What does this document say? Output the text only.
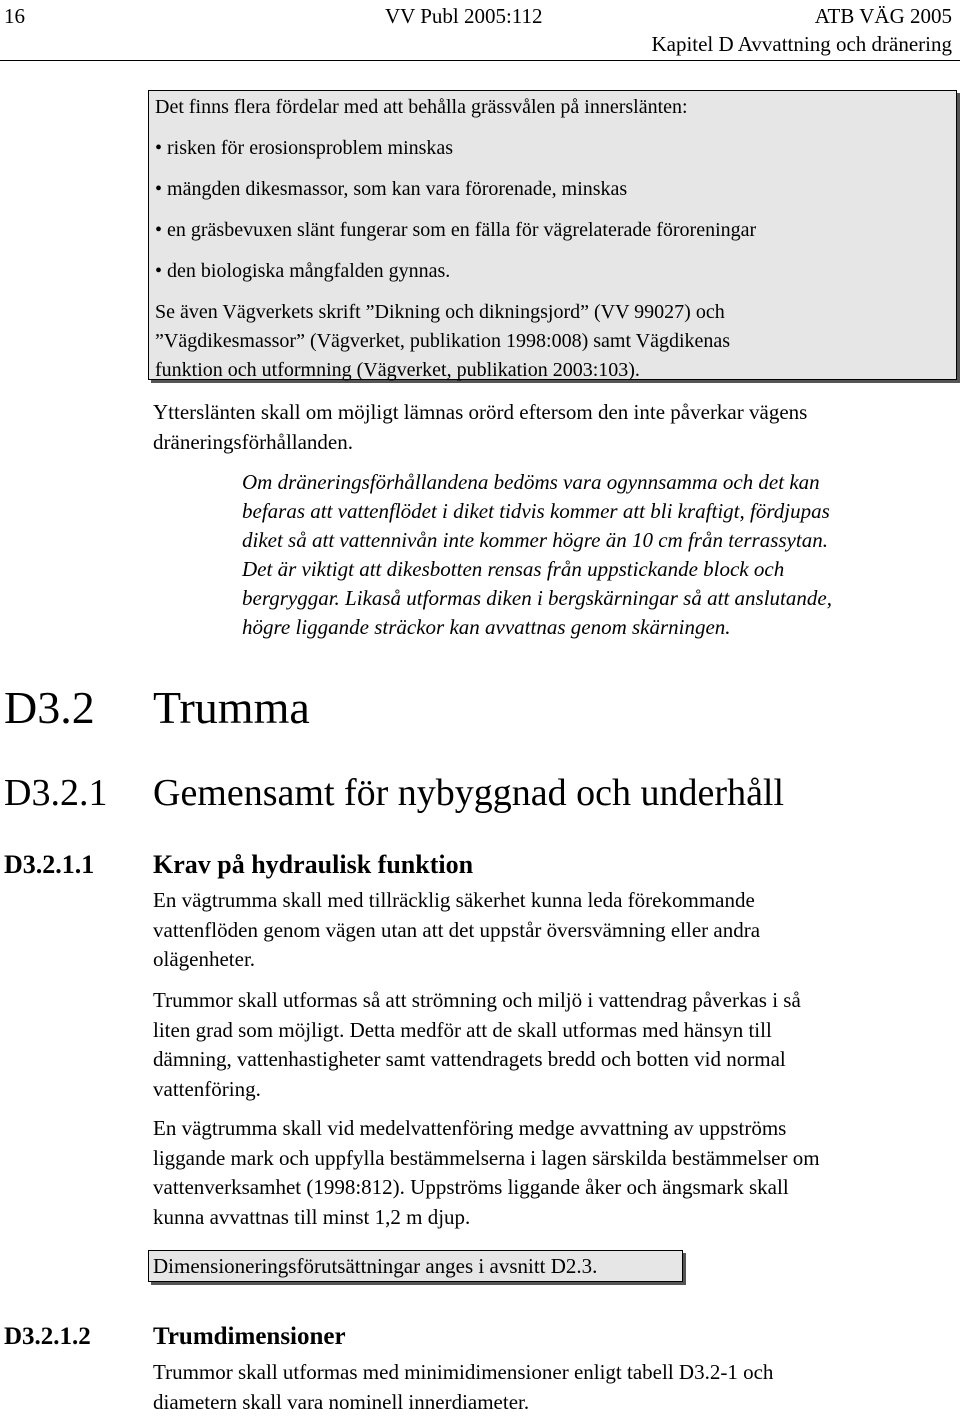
16	VV Publ 2005:112	ATB VÄG 2005
Kapitel D Avvattning och dränering
Det finns flera fördelar med att behålla grässvålen på innerslänten:
• risken för erosionsproblem minskas
• mängden dikesmassor, som kan vara förorenade, minskas
• en gräsbevuxen slänt fungerar som en fälla för vägrelaterade föroreningar
• den biologiska mångfalden gynnas.
Se även Vägverkets skrift ”Dikning och dikningsjord” (VV 99027) och
”Vägdikesmassor” (Vägverket, publikation 1998:008) samt Vägdikenas
funktion och utformning (Vägverket, publikation 2003:103).
Ytterslänten skall om möjligt lämnas orörd eftersom den inte påverkar vägens
dräneringsförhållanden.
Om dräneringsförhållandena bedöms vara ogynnsamma och det kan
befaras att vattenflödet i diket tidvis kommer att bli kraftigt, fördjupas
diket så att vattennivån inte kommer högre än 10 cm från terrassytan.
Det är viktigt att dikesbotten rensas från uppstickande block och
bergryggar. Likaså utformas diken i bergskärningar så att anslutande,
högre liggande sträckor kan avvattnas genom skärningen.
D3.2 Trumma
D3.2.1 Gemensamt för nybyggnad och underhåll
D3.2.1.1 Krav på hydraulisk funktion
En vägtrumma skall med tillräcklig säkerhet kunna leda förekommande
vattenflöden genom vägen utan att det uppstår översvämning eller andra
olägenheter.
Trummor skall utformas så att strömning och miljö i vattendrag påverkas i så
liten grad som möjligt. Detta medför att de skall utformas med hänsyn till
dämning, vattenhastigheter samt vattendragets bredd och botten vid normal
vattenföring.
En vägtrumma skall vid medelvattenföring medge avvattning av uppströms
liggande mark och uppfylla bestämmelserna i lagen särskilda bestämmelser om
vattenverksamhet (1998:812). Uppströms liggande åker och ängsmark skall
kunna avvattnas till minst 1,2 m djup.
Dimensioneringsförutsättningar anges i avsnitt D2.3.
D3.2.1.2 Trumdimensioner
Trummor skall utformas med minimidimensioner enligt tabell D3.2-1 och
diametern skall vara nominell innerdiameter.
